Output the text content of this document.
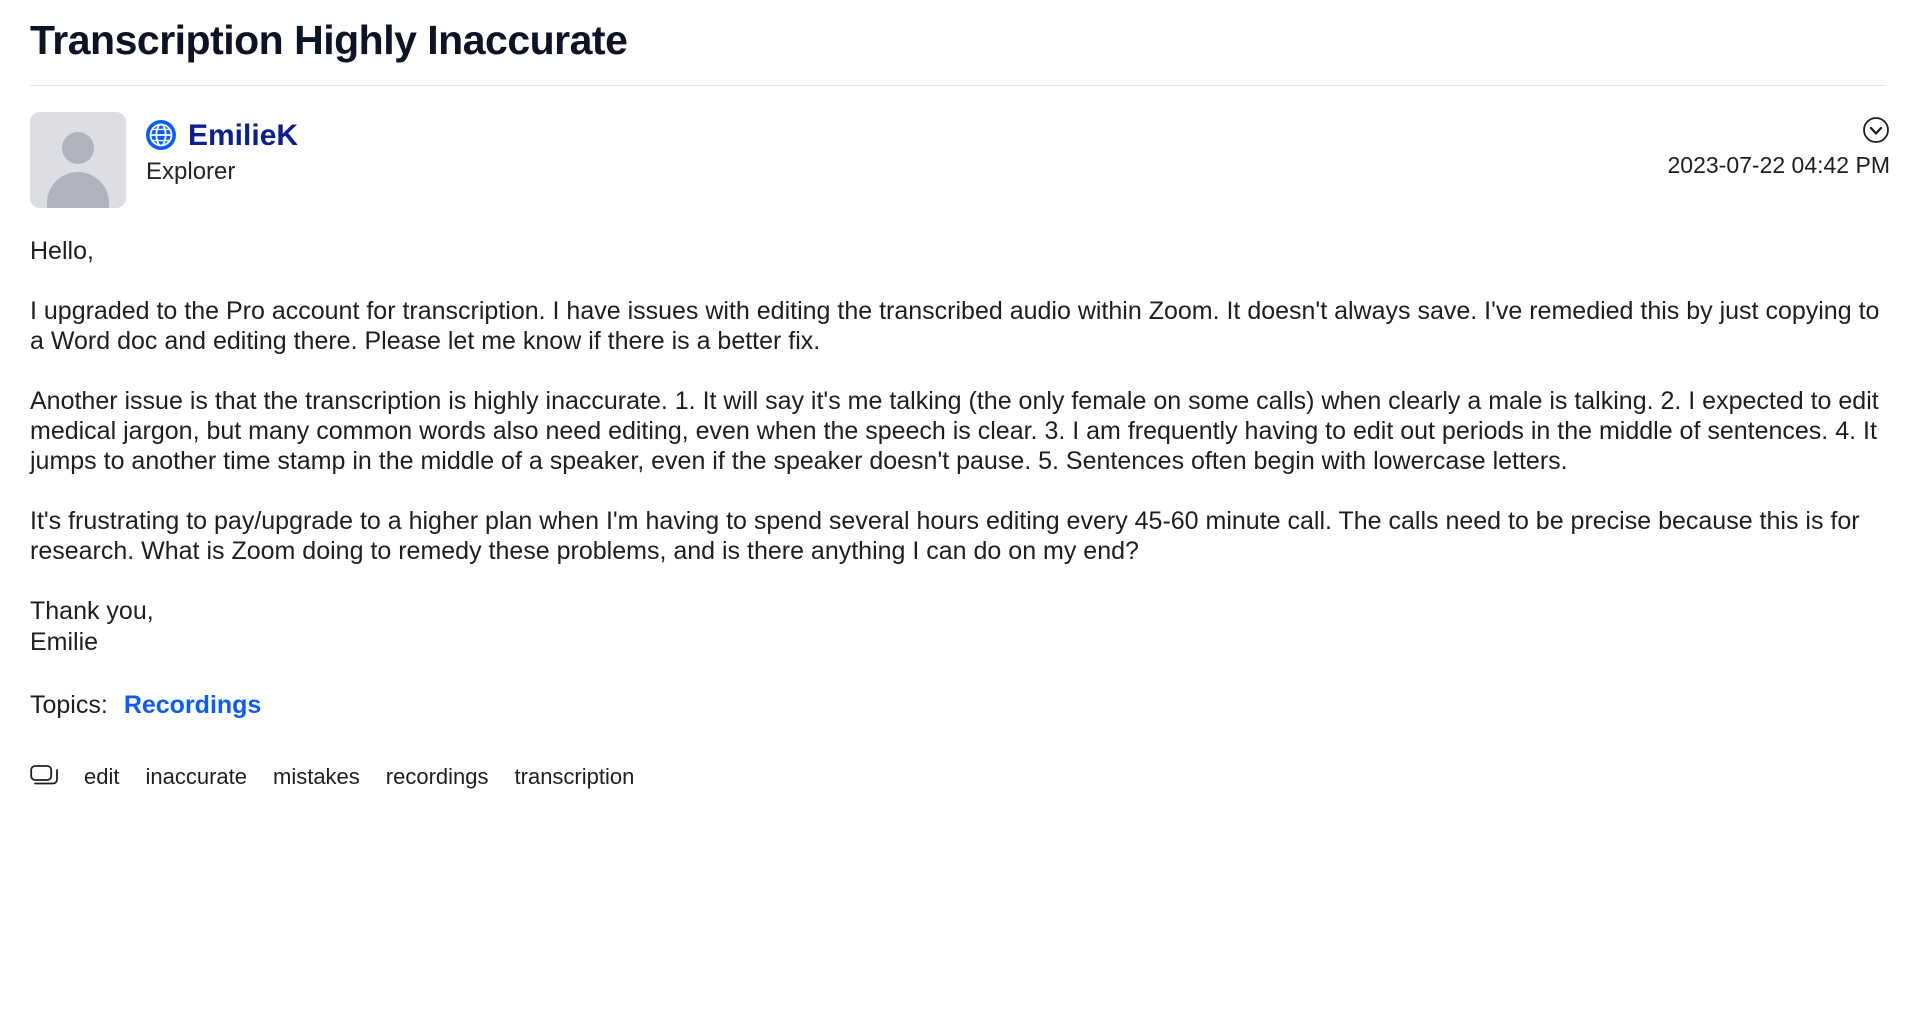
Transcription Highly Inaccurate
EmilieK
Explorer	2023-07-22 04:42 PM

Hello,

I upgraded to the Pro account for transcription. I have issues with editing the transcribed audio within Zoom. It doesn't always save. I've remedied this by just copying to a Word doc and editing there. Please let me know if there is a better fix.

Another issue is that the transcription is highly inaccurate. 1. It will say it's me talking (the only female on some calls) when clearly a male is talking. 2. I expected to edit medical jargon, but many common words also need editing, even when the speech is clear. 3. I am frequently having to edit out periods in the middle of sentences. 4. It jumps to another time stamp in the middle of a speaker, even if the speaker doesn't pause. 5. Sentences often begin with lowercase letters.

It's frustrating to pay/upgrade to a higher plan when I'm having to spend several hours editing every 45-60 minute call. The calls need to be precise because this is for research. What is Zoom doing to remedy these problems, and is there anything I can do on my end?

Thank you,
Emilie
Topics: Recordings
edit inaccurate mistakes recordings transcription
